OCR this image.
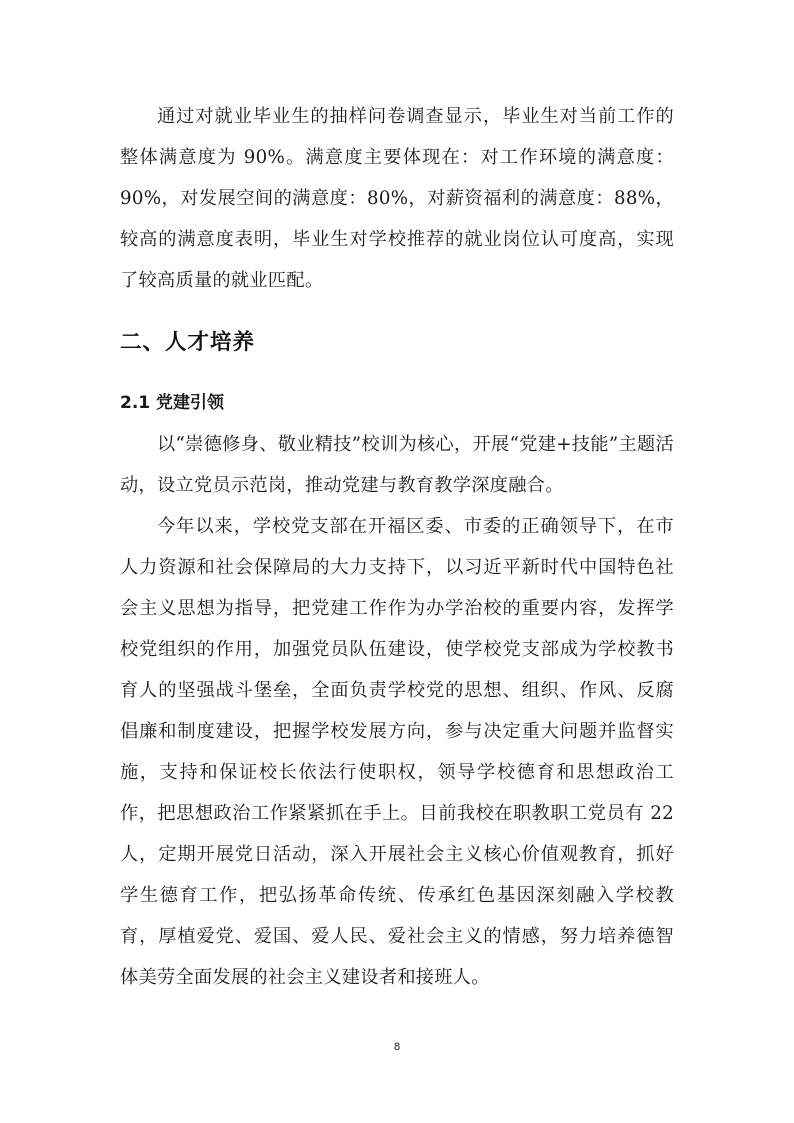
通过对就业毕业生的抽样问卷调查显示，毕业生对当前工作的整体满意度为 90%。满意度主要体现在：对工作环境的满意度：90%，对发展空间的满意度：80%，对薪资福利的满意度：88%，较高的满意度表明，毕业生对学校推荐的就业岗位认可度高，实现了较高质量的就业匹配。

二、人才培养
2.1 党建引领

以“崇德修身、敬业精技”校训为核心，开展“党建+技能”主题活动，设立党员示范岗，推动党建与教育教学深度融合。

今年以来，学校党支部在开福区委、市委的正确领导下，在市人力资源和社会保障局的大力支持下，以习近平新时代中国特色社会主义思想为指导，把党建工作作为办学治校的重要内容，发挥学校党组织的作用，加强党员队伍建设，使学校党支部成为学校教书育人的坚强战斗堡垒，全面负责学校党的思想、组织、作风、反腐倡廉和制度建设，把握学校发展方向，参与决定重大问题并监督实施，支持和保证校长依法行使职权，领导学校德育和思想政治工作，把思想政治工作紧紧抓在手上。目前我校在职教职工党员有 22 人，定期开展党日活动，深入开展社会主义核心价值观教育，抓好学生德育工作，把弘扬革命传统、传承红色基因深刻融入学校教育，厚植爱党、爱国、爱人民、爱社会主义的情感，努力培养德智体美劳全面发展的社会主义建设者和接班人。

8
